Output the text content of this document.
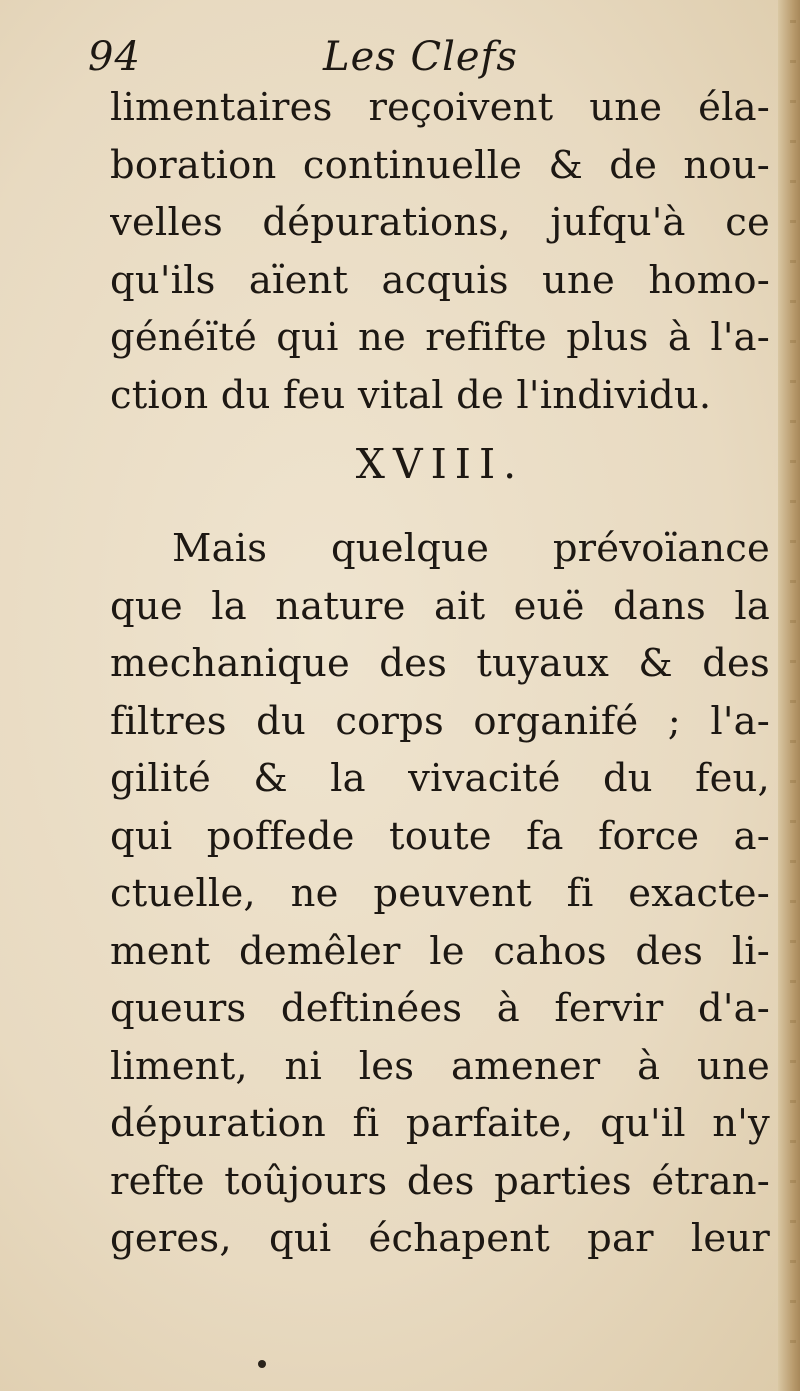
94	Les Clefs
limentaires reçoivent une éla-
boration continuelle & de nou-
velles dépurations, jufqu'à ce
qu'ils aïent acquis une homo-
généïté qui ne refifte plus à l'a-
ction du feu vital de l'individu.
XVIII.
Mais quelque prévoïance
que la nature ait euë dans la
mechanique des tuyaux & des
filtres du corps organifé ; l'a-
gilité & la vivacité du feu,
qui poffede toute fa force a-
ctuelle, ne peuvent fi exacte-
ment demêler le cahos des li-
queurs deftinées à fervir d'a-
liment, ni les amener à une
dépuration fi parfaite, qu'il n'y
refte toûjours des parties étran-
geres, qui échapent par leur
